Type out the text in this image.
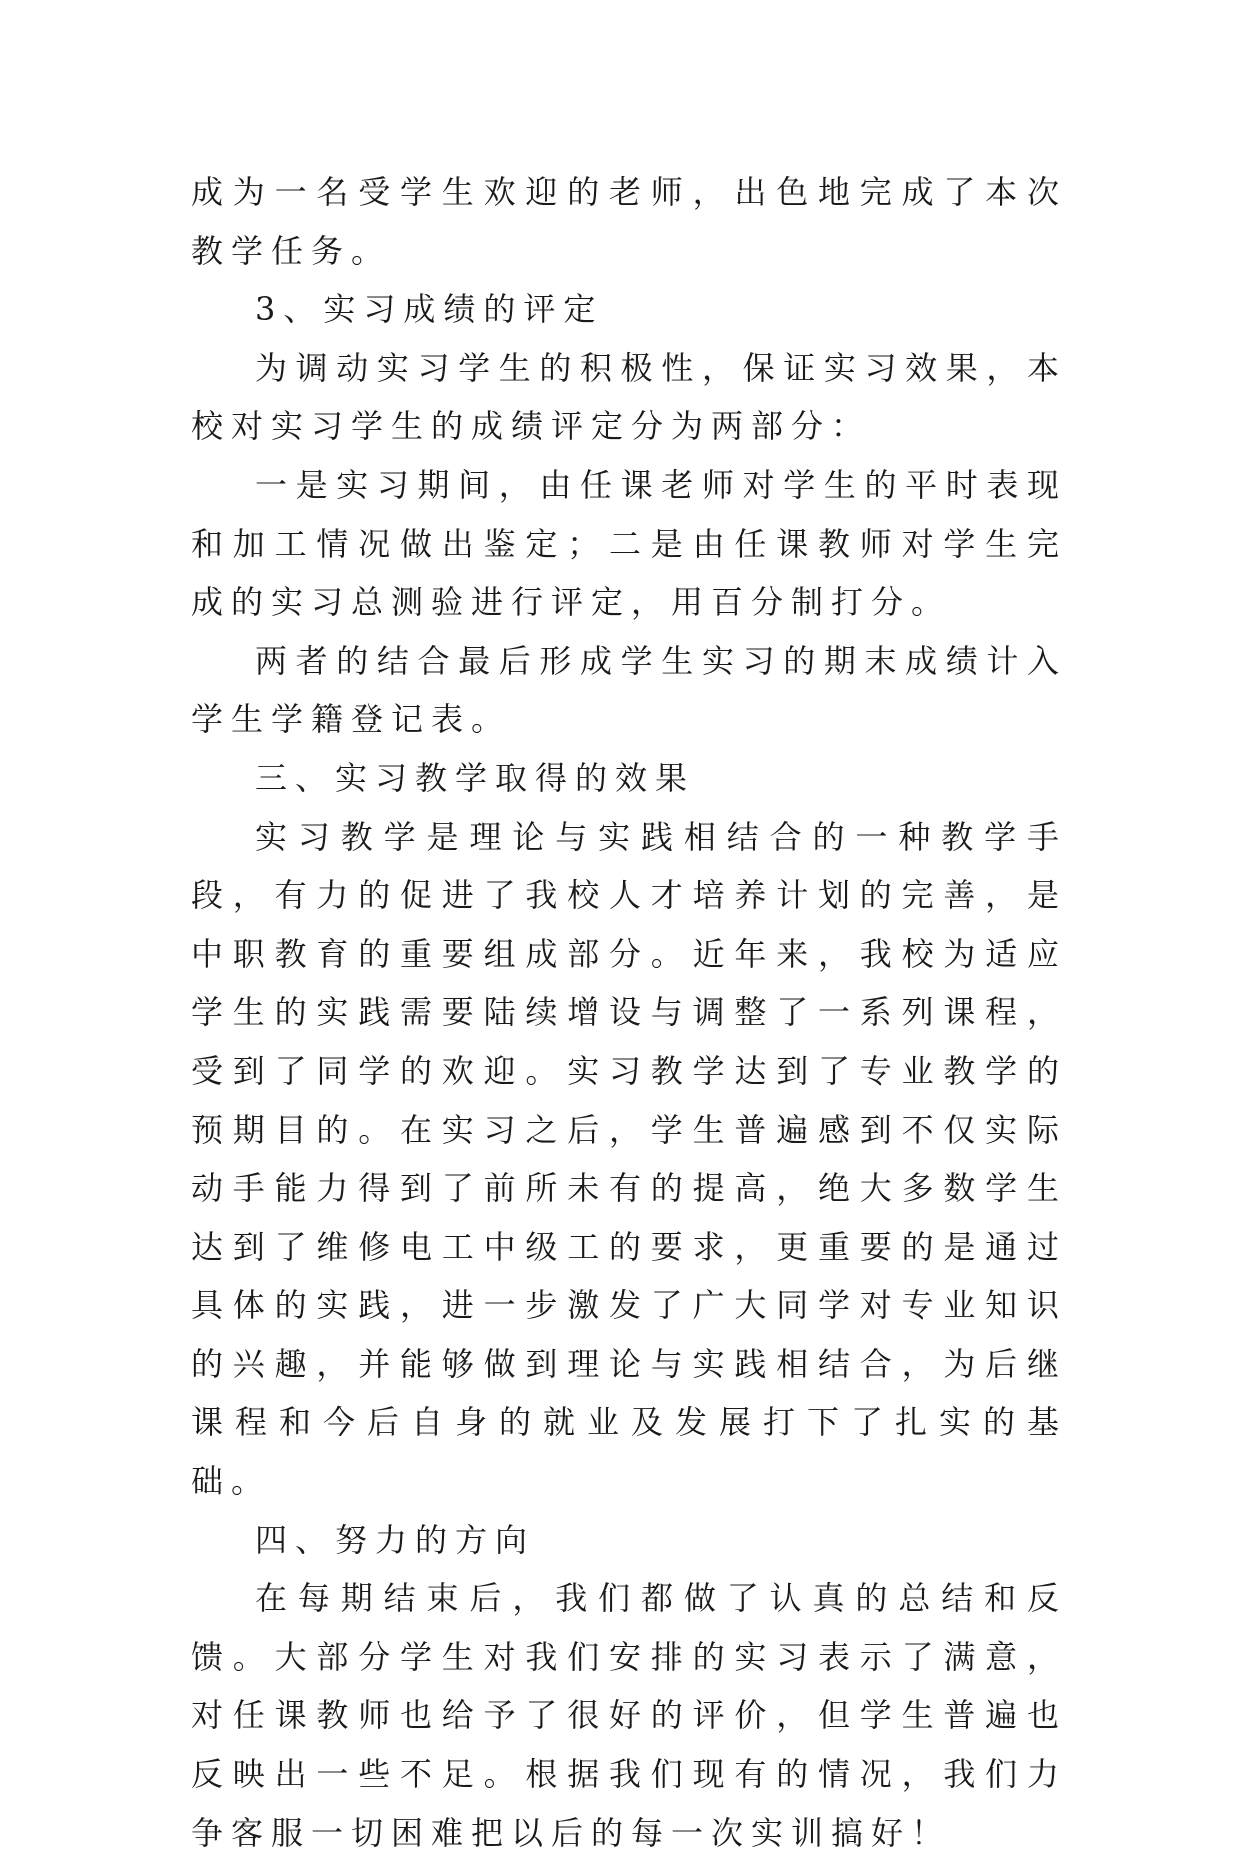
成为一名受学生欢迎的老师，出色地完成了本次教学任务。

3、实习成绩的评定

为调动实习学生的积极性，保证实习效果，本校对实习学生的成绩评定分为两部分：

一是实习期间，由任课老师对学生的平时表现和加工情况做出鉴定；二是由任课教师对学生完成的实习总测验进行评定，用百分制打分。

两者的结合最后形成学生实习的期末成绩计入学生学籍登记表。

三、实习教学取得的效果

实习教学是理论与实践相结合的一种教学手段，有力的促进了我校人才培养计划的完善，是中职教育的重要组成部分。近年来，我校为适应学生的实践需要陆续增设与调整了一系列课程，受到了同学的欢迎。实习教学达到了专业教学的预期目的。在实习之后，学生普遍感到不仅实际动手能力得到了前所未有的提高，绝大多数学生达到了维修电工中级工的要求，更重要的是通过具体的实践，进一步激发了广大同学对专业知识的兴趣，并能够做到理论与实践相结合，为后继课程和今后自身的就业及发展打下了扎实的基础。

四、努力的方向

在每期结束后，我们都做了认真的总结和反馈。大部分学生对我们安排的实习表示了满意，对任课教师也给予了很好的评价，但学生普遍也反映出一些不足。根据我们现有的情况，我们力争客服一切困难把以后的每一次实训搞好！
